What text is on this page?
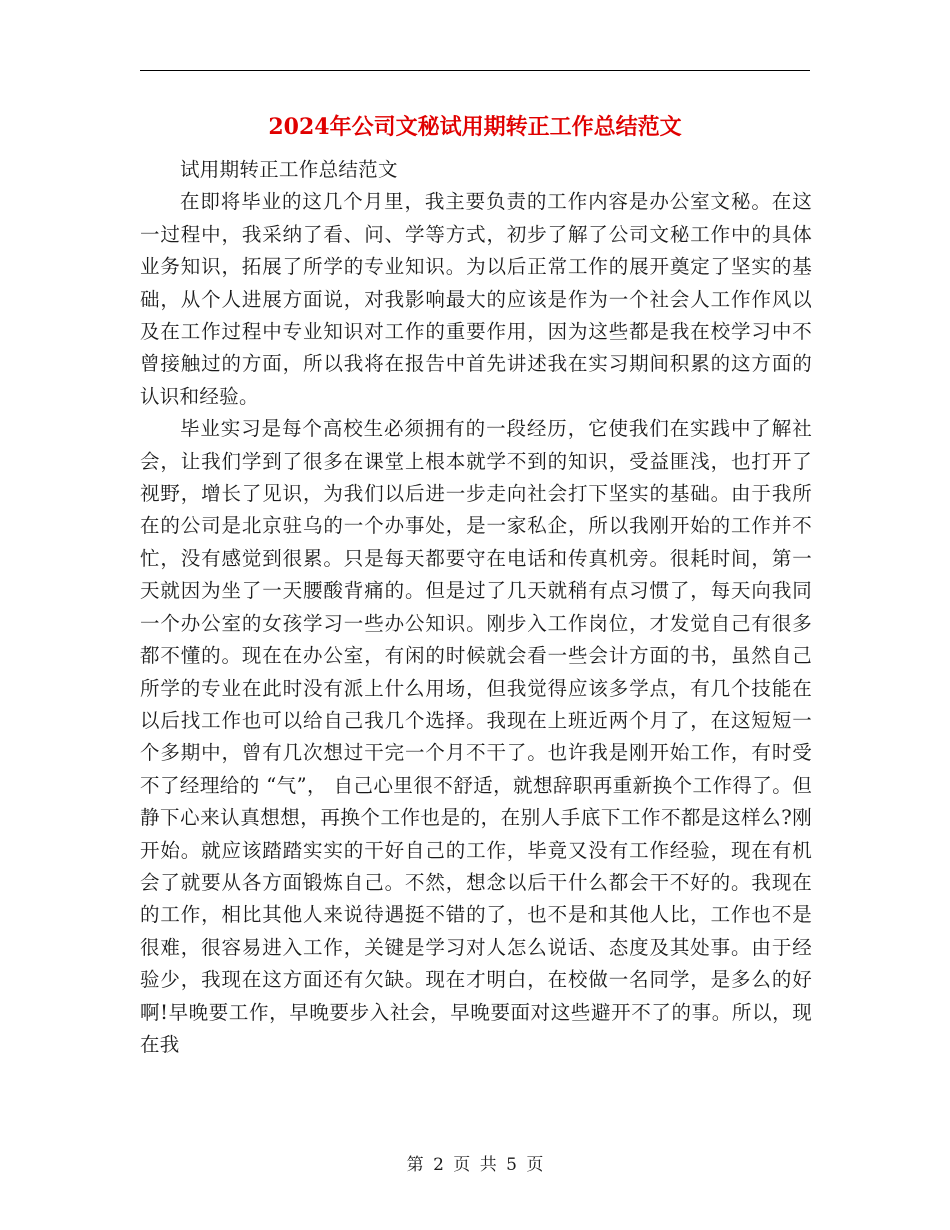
2024年公司文秘试用期转正工作总结范文

试用期转正工作总结范文

在即将毕业的这几个月里，我主要负责的工作内容是办公室文秘。在这一过程中，我采纳了看、问、学等方式，初步了解了公司文秘工作中的具体业务知识，拓展了所学的专业知识。为以后正常工作的展开奠定了坚实的基础，从个人进展方面说，对我影响最大的应该是作为一个社会人工作作风以及在工作过程中专业知识对工作的重要作用，因为这些都是我在校学习中不曾接触过的方面，所以我将在报告中首先讲述我在实习期间积累的这方面的认识和经验。

毕业实习是每个高校生必须拥有的一段经历，它使我们在实践中了解社会，让我们学到了很多在课堂上根本就学不到的知识，受益匪浅，也打开了视野，增长了见识，为我们以后进一步走向社会打下坚实的基础。由于我所在的公司是北京驻乌的一个办事处，是一家私企，所以我刚开始的工作并不忙，没有感觉到很累。只是每天都要守在电话和传真机旁。很耗时间，第一天就因为坐了一天腰酸背痛的。但是过了几天就稍有点习惯了，每天向我同一个办公室的女孩学习一些办公知识。刚步入工作岗位，才发觉自己有很多都不懂的。现在在办公室，有闲的时候就会看一些会计方面的书，虽然自己所学的专业在此时没有派上什么用场，但我觉得应该多学点，有几个技能在以后找工作也可以给自己我几个选择。我现在上班近两个月了，在这短短一个多期中，曾有几次想过干完一个月不干了。也许我是刚开始工作，有时受不了经理给的 “气”， 自己心里很不舒适，就想辞职再重新换个工作得了。但静下心来认真想想，再换个工作也是的，在别人手底下工作不都是这样么?刚开始。就应该踏踏实实的干好自己的工作，毕竟又没有工作经验，现在有机会了就要从各方面锻炼自己。不然，想念以后干什么都会干不好的。我现在的工作，相比其他人来说待遇挺不错的了，也不是和其他人比，工作也不是很难，很容易进入工作，关键是学习对人怎么说话、态度及其处事。由于经验少，我现在这方面还有欠缺。现在才明白，在校做一名同学，是多么的好啊!早晚要工作，早晚要步入社会，早晚要面对这些避开不了的事。所以，现在我

第 2 页 共 5 页
